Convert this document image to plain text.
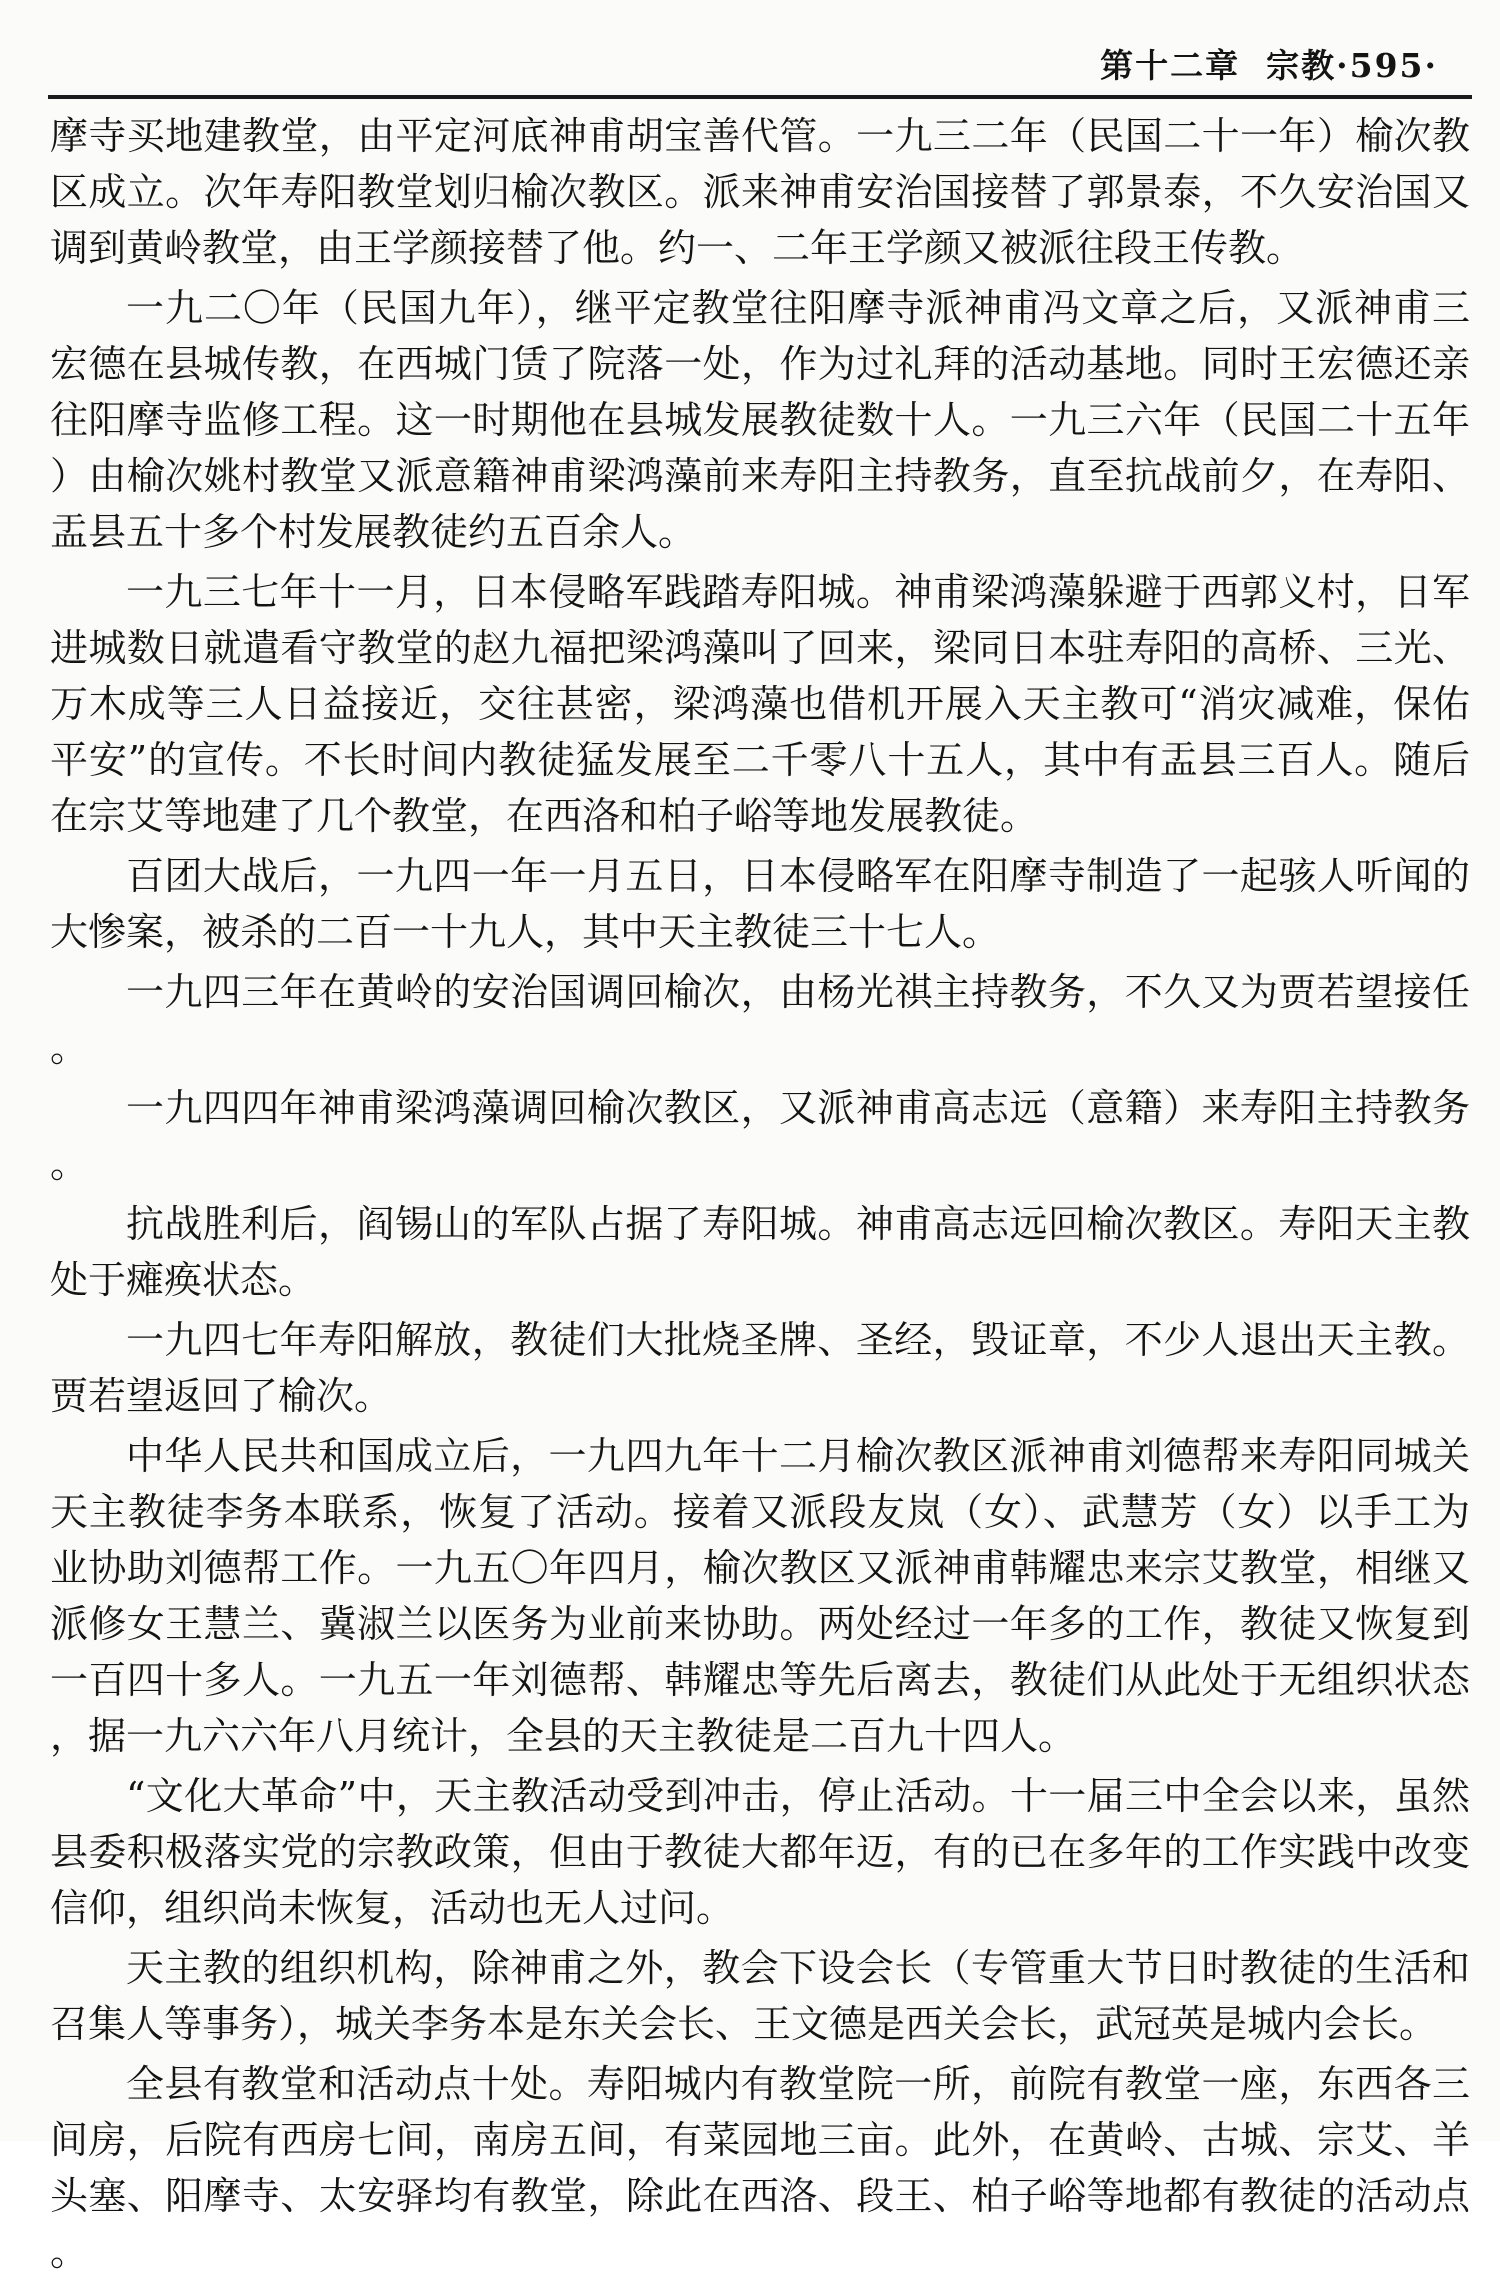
第十二章 宗教·595·

摩寺买地建教堂，由平定河底神甫胡宝善代管。一九三二年（民国二十一年）榆次教区成立。次年寿阳教堂划归榆次教区。派来神甫安治国接替了郭景泰，不久安治国又调到黄岭教堂，由王学颜接替了他。约一、二年王学颜又被派往段王传教。

一九二〇年（民国九年），继平定教堂往阳摩寺派神甫冯文章之后，又派神甫三宏德在县城传教，在西城门赁了院落一处，作为过礼拜的活动基地。同时王宏德还亲往阳摩寺监修工程。这一时期他在县城发展教徒数十人。一九三六年（民国二十五年）由榆次姚村教堂又派意籍神甫梁鸿藻前来寿阳主持教务，直至抗战前夕，在寿阳、盂县五十多个村发展教徒约五百余人。

一九三七年十一月，日本侵略军践踏寿阳城。神甫梁鸿藻躲避于西郭义村，日军进城数日就遣看守教堂的赵九福把梁鸿藻叫了回来，梁同日本驻寿阳的高桥、三光、万木成等三人日益接近，交往甚密，梁鸿藻也借机开展入天主教可“消灾减难，保佑平安”的宣传。不长时间内教徒猛发展至二千零八十五人，其中有盂县三百人。随后在宗艾等地建了几个教堂，在西洛和柏子峪等地发展教徒。

百团大战后，一九四一年一月五日，日本侵略军在阳摩寺制造了一起骇人听闻的大惨案，被杀的二百一十九人，其中天主教徒三十七人。

一九四三年在黄岭的安治国调回榆次，由杨光祺主持教务，不久又为贾若望接任。

一九四四年神甫梁鸿藻调回榆次教区，又派神甫高志远（意籍）来寿阳主持教务。

抗战胜利后，阎锡山的军队占据了寿阳城。神甫高志远回榆次教区。寿阳天主教处于瘫痪状态。

一九四七年寿阳解放，教徒们大批烧圣牌、圣经，毁证章，不少人退出天主教。贾若望返回了榆次。

中华人民共和国成立后，一九四九年十二月榆次教区派神甫刘德帮来寿阳同城关天主教徒李务本联系，恢复了活动。接着又派段友岚（女）、武慧芳（女）以手工为业协助刘德帮工作。一九五〇年四月，榆次教区又派神甫韩耀忠来宗艾教堂，相继又派修女王慧兰、冀淑兰以医务为业前来协助。两处经过一年多的工作，教徒又恢复到一百四十多人。一九五一年刘德帮、韩耀忠等先后离去，教徒们从此处于无组织状态，据一九六六年八月统计，全县的天主教徒是二百九十四人。

“文化大革命”中，天主教活动受到冲击，停止活动。十一届三中全会以来，虽然县委积极落实党的宗教政策，但由于教徒大都年迈，有的已在多年的工作实践中改变信仰，组织尚未恢复，活动也无人过问。

天主教的组织机构，除神甫之外，教会下设会长（专管重大节日时教徒的生活和召集人等事务），城关李务本是东关会长、王文德是西关会长，武冠英是城内会长。

全县有教堂和活动点十处。寿阳城内有教堂院一所，前院有教堂一座，东西各三间房，后院有西房七间，南房五间，有菜园地三亩。此外，在黄岭、古城、宗艾、羊头塞、阳摩寺、太安驿均有教堂，除此在西洛、段王、柏子峪等地都有教徒的活动点。
